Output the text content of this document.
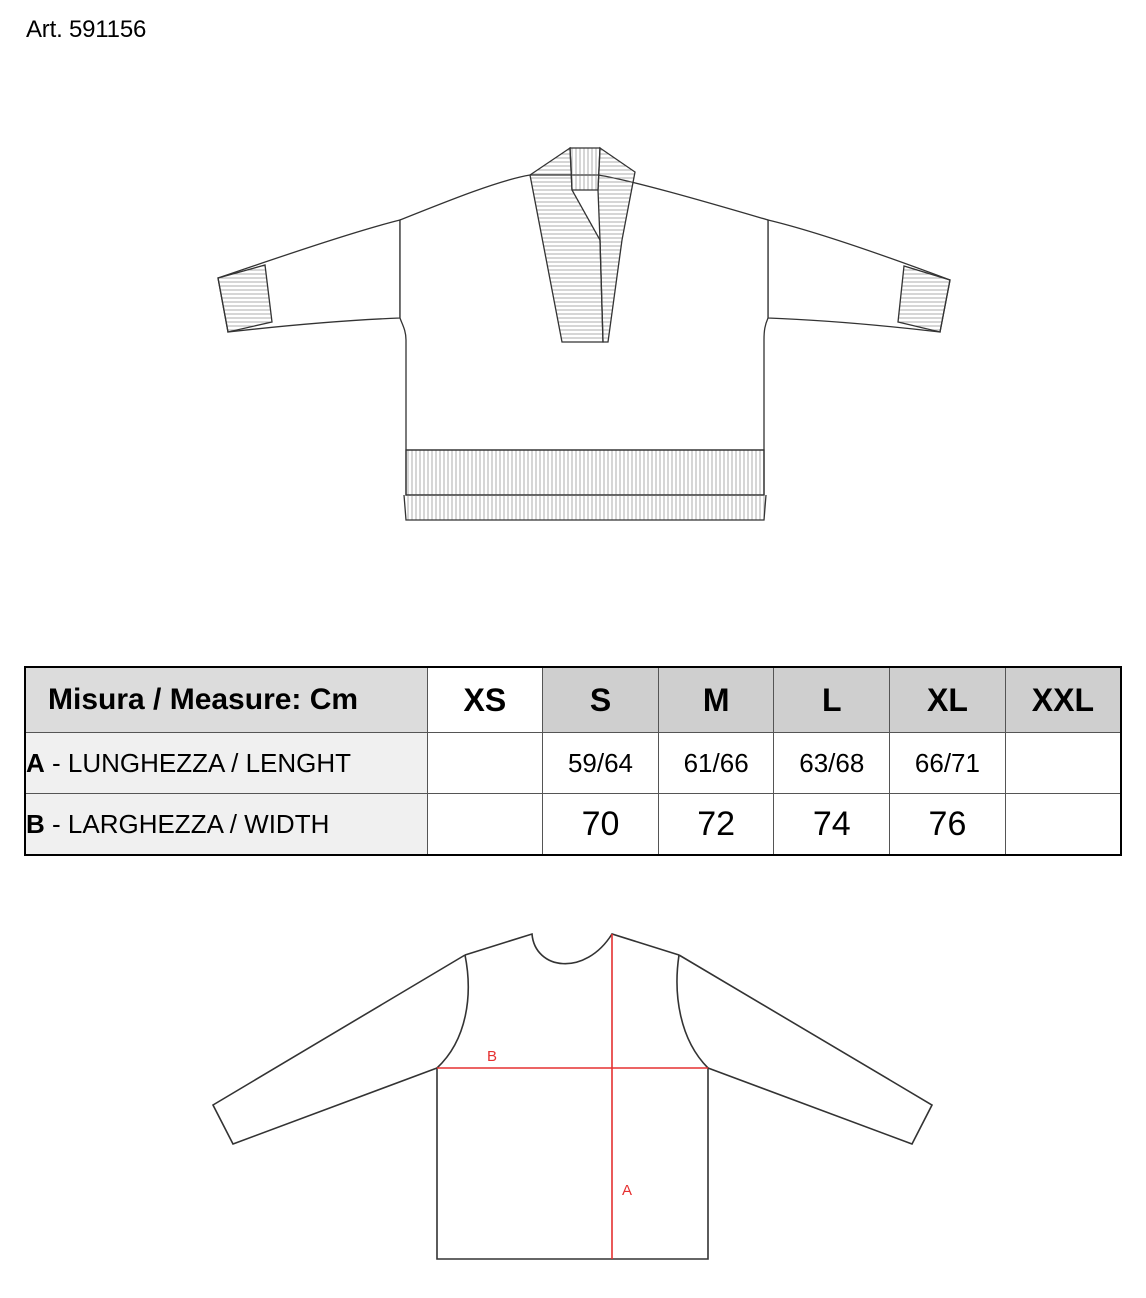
Art. 591156
Misura / Measure: Cm	XS	S	M	L	XL	XXL
A - LUNGHEZZA / LENGHT		59/64	61/66	63/68	66/71	
B - LARGHEZZA / WIDTH		70	72	74	76	
B
A
